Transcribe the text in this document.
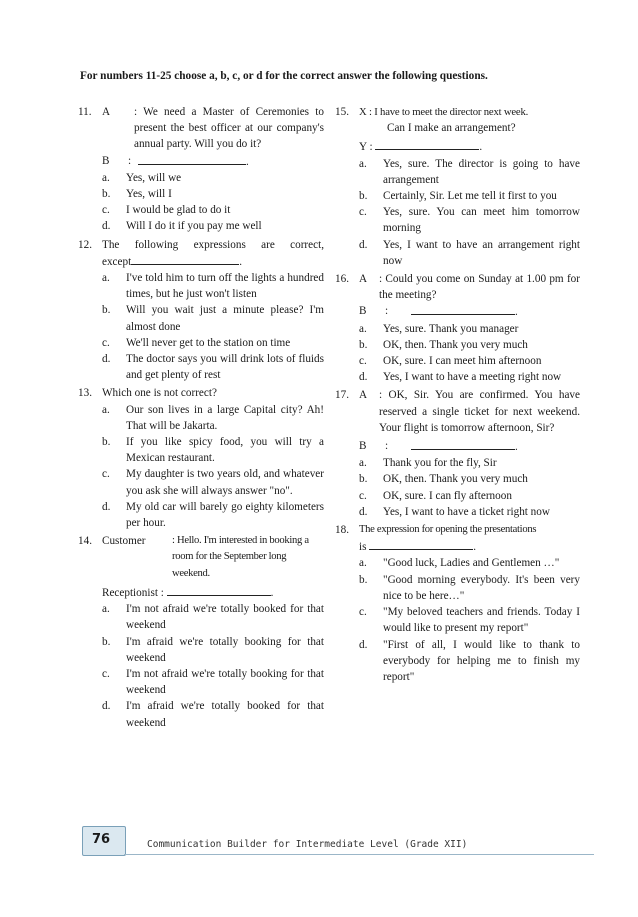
For numbers 11-25 choose a, b, c, or d for the correct answer the following questions.
11. A	: We need a Master of Ceremonies to present the best officer at our company's annual party. Will you do it?
B	:	.
a.	Yes, will we
b.	Yes, will I
c.	I would be glad to do it
d.	Will I do it if you pay me well
12. The following expressions are correct,
except	.
a.	I've told him to turn off the lights a hundred times, but he just won't listen
b.	Will you wait just a minute please? I'm almost done
c.	We'll never get to the station on time
d.	The doctor says you will drink lots of fluids and get plenty of rest
13. Which one is not correct?
a.	Our son lives in a large Capital city? Ah! That will be Jakarta.
b.	If you like spicy food, you will try a Mexican restaurant.
c.	My daughter is two years old, and whatever you ask she will always answer "no".
d.	My old car will barely go eighty kilometers per hour.
14. Customer	: Hello. I'm interested in booking a room for the September long weekend.
Receptionist :	.
a.	I'm not afraid we're totally booked for that weekend
b.	I'm afraid we're totally booking for that weekend
c.	I'm not afraid we're totally booking for that weekend
d.	I'm afraid we're totally booked for that weekend
15. X : I have to meet the director next week.
Can I make an arrangement?
Y :	.
a.	Yes, sure. The director is going to have arrangement
b.	Certainly, Sir. Let me tell it first to you
c.	Yes, sure. You can meet him tomorrow morning
d.	Yes, I want to have an arrangement right now
16. A	: Could you come on Sunday at 1.00 pm for the meeting?
B	:	.
a.	Yes, sure. Thank you manager
b.	OK, then. Thank you very much
c.	OK, sure. I can meet him afternoon
d.	Yes, I want to have a meeting right now
17. A	: OK, Sir. You are confirmed. You have reserved a single ticket for next weekend. Your flight is tomorrow afternoon, Sir?
B	:	.
a.	Thank you for the fly, Sir
b.	OK, then. Thank you very much
c.	OK, sure. I can fly afternoon
d.	Yes, I want to have a ticket right now
18. The expression for opening the presentations
is	.
a.	"Good luck, Ladies and Gentlemen …"
b.	"Good morning everybody. It's been very nice to be here…"
c.	"My beloved teachers and friends. Today I would like to present my report"
d.	"First of all, I would like to thank to everybody for helping me to finish my report"
76	Communication Builder for Intermediate Level (Grade XII)
